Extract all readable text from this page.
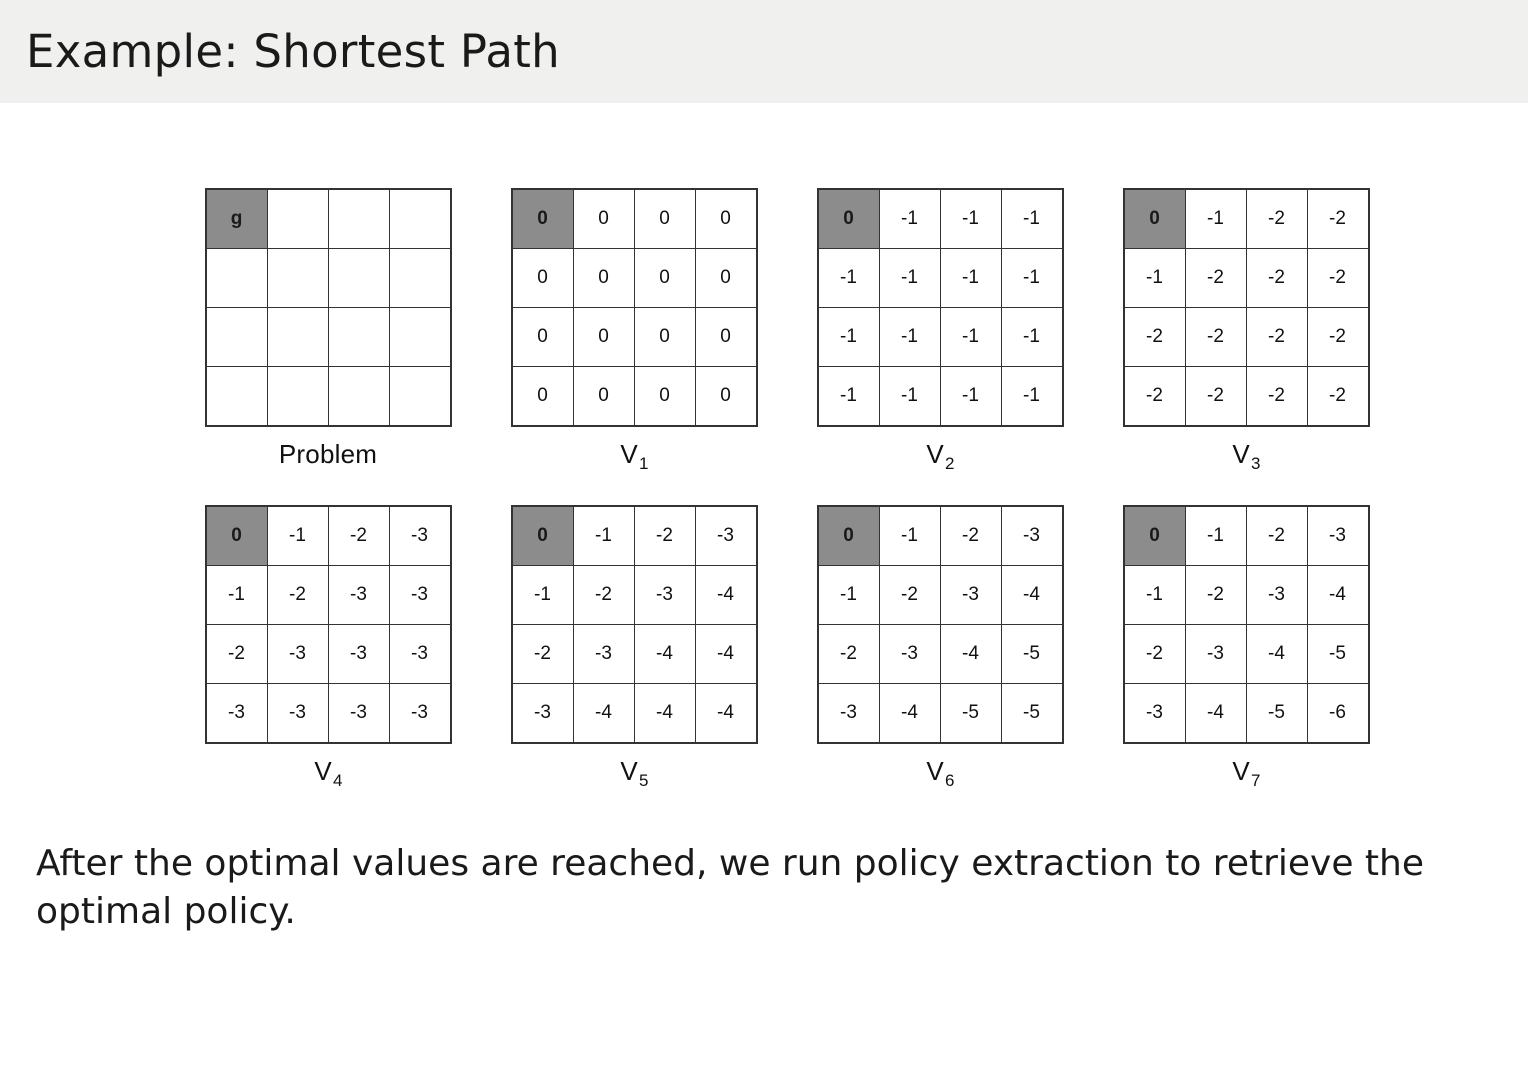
Example: Shortest Path
g			

Problem
0	0	0	0
0	0	0	0
0	0	0	0
0	0	0	0
$V_1$
0	-1	-1	-1
-1	-1	-1	-1
-1	-1	-1	-1
-1	-1	-1	-1
$V_2$
0	-1	-2	-2
-1	-2	-2	-2
-2	-2	-2	-2
-2	-2	-2	-2
$V_3$
0	-1	-2	-3
-1	-2	-3	-3
-2	-3	-3	-3
-3	-3	-3	-3
$V_4$
0	-1	-2	-3
-1	-2	-3	-4
-2	-3	-4	-4
-3	-4	-4	-4
$V_5$
0	-1	-2	-3
-1	-2	-3	-4
-2	-3	-4	-5
-3	-4	-5	-5
$V_6$
0	-1	-2	-3
-1	-2	-3	-4
-2	-3	-4	-5
-3	-4	-5	-6
$V_7$
After the optimal values are reached, we run policy extraction to retrieve the optimal policy.
